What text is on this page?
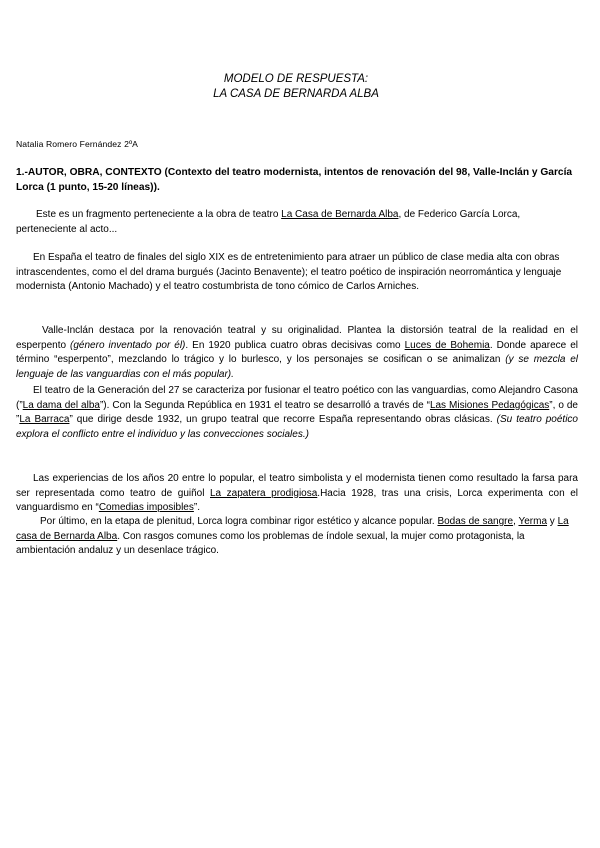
MODELO DE RESPUESTA:
LA CASA DE BERNARDA ALBA
Natalia Romero Fernández 2ºA
1.-AUTOR, OBRA, CONTEXTO (Contexto del teatro modernista, intentos de renovación del 98, Valle-Inclán y García Lorca (1 punto, 15-20 líneas)).

Este es un fragmento perteneciente a la obra de teatro La Casa de Bernarda Alba, de Federico García Lorca, perteneciente al acto...

En España el teatro de finales del siglo XIX es de entretenimiento para atraer un público de clase media alta con obras intrascendentes, como el del drama burgués (Jacinto Benavente); el teatro poético de inspiración neorromántica y lenguaje modernista (Antonio Machado) y el teatro costumbrista de tono cómico de Carlos Arniches.

Valle-Inclán destaca por la renovación teatral y su originalidad. Plantea la distorsión teatral de la realidad en el esperpento (género inventado por él). En 1920 publica cuatro obras decisivas como Luces de Bohemia. Donde aparece el término “esperpento”, mezclando lo trágico y lo burlesco, y los personajes se cosifican o se animalizan (y se mezcla el lenguaje de las vanguardias con el más popular).

El teatro de la Generación del 27 se caracteriza por fusionar el teatro poético con las vanguardias, como Alejandro Casona (”La dama del alba”). Con la Segunda República en 1931 el teatro se desarrolló a través de “Las Misiones Pedagógicas”, o de ”La Barraca” que dirige desde 1932, un grupo teatral que recorre España representando obras clásicas. (Su teatro poético explora el conflicto entre el individuo y las convecciones sociales.)

Las experiencias de los años 20 entre lo popular, el teatro simbolista y el modernista tienen como resultado la farsa para ser representada como teatro de guiñol La zapatera prodigiosa.Hacia 1928, tras una crisis, Lorca experimenta con el vanguardismo en “Comedias imposibles”.

Por último, en la etapa de plenitud, Lorca logra combinar rigor estético y alcance popular. Bodas de sangre, Yerma y La casa de Bernarda Alba. Con rasgos comunes como los problemas de índole sexual, la mujer como protagonista, la ambientación andaluz y un desenlace trágico.
